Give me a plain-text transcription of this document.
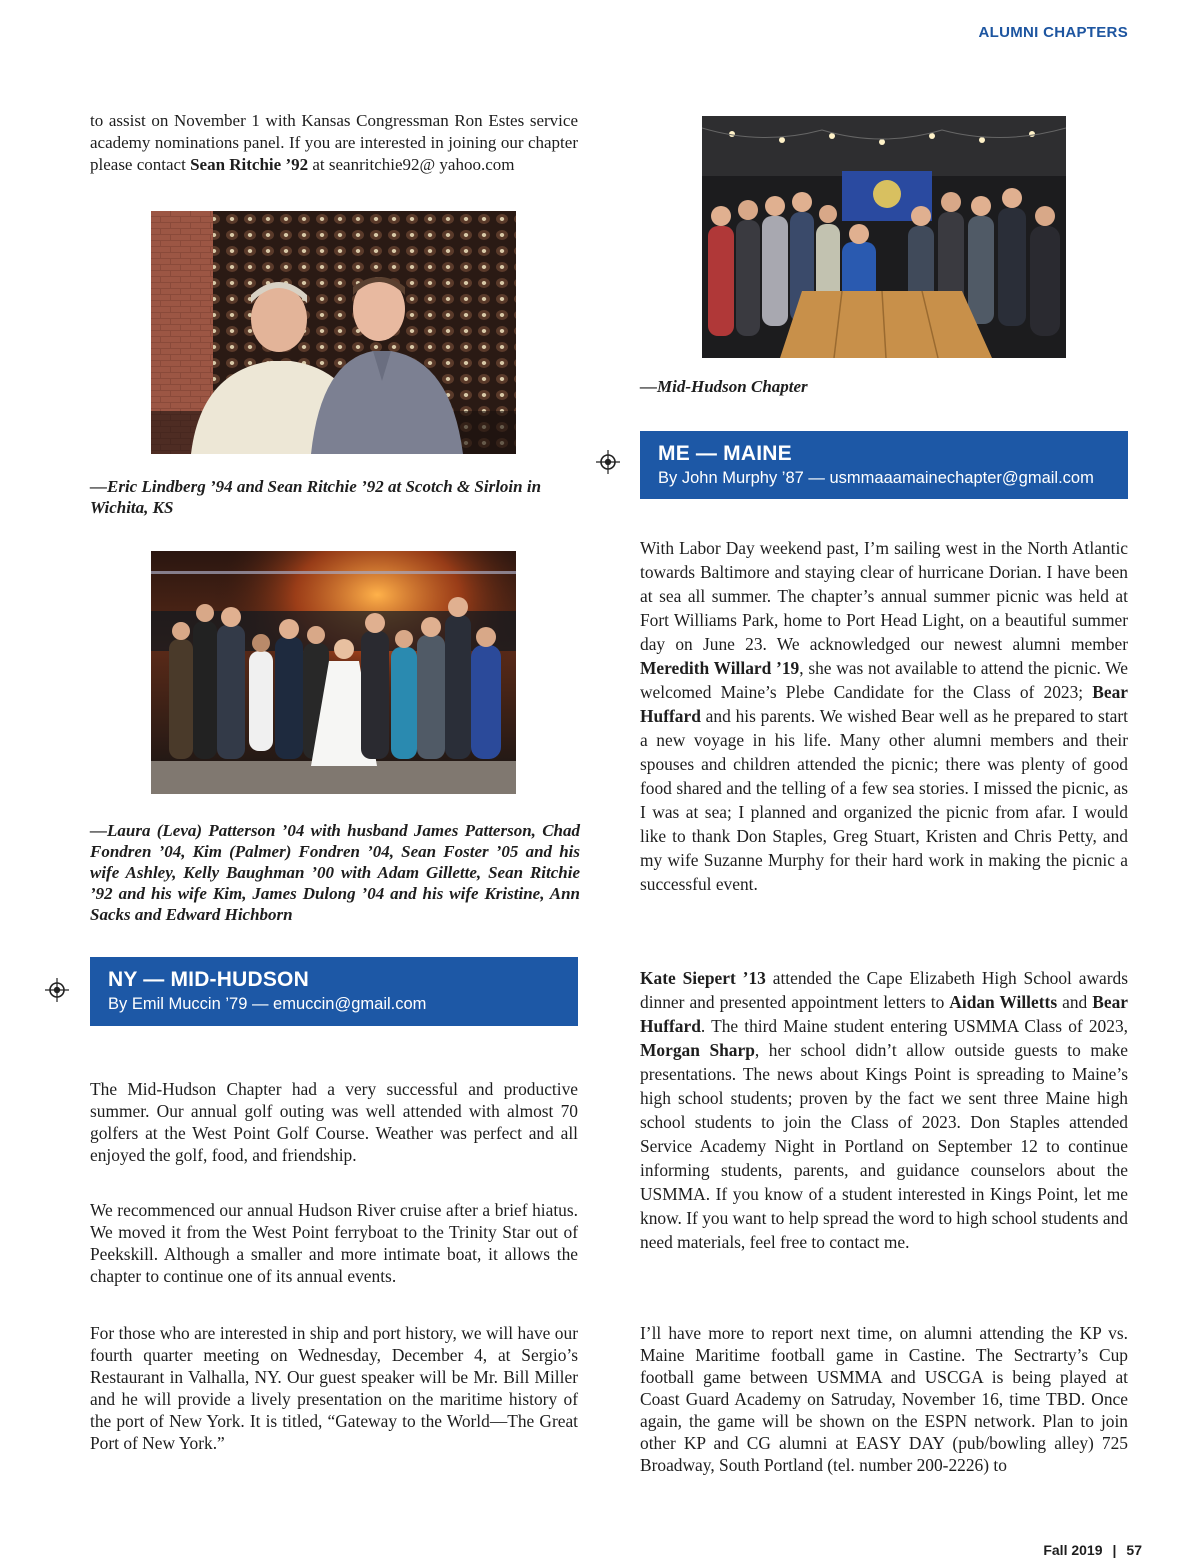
ALUMNI CHAPTERS

to assist on November 1 with Kansas Congressman Ron Estes service academy nominations panel. If you are interested in joining our chapter please contact Sean Ritchie ’92 at seanritchie92@ yahoo.com

—Eric Lindberg ’94 and Sean Ritchie ’92 at Scotch & Sirloin in Wichita, KS

—Laura (Leva) Patterson ’04 with husband James Patterson, Chad Fondren ’04, Kim (Palmer) Fondren ’04, Sean Foster ’05 and his wife Ashley, Kelly Baughman ’00 with Adam Gillette, Sean Ritchie ’92 and his wife Kim, James Dulong ’04 and his wife Kristine, Ann Sacks and Edward Hichborn

NY — MID-HUDSON
By Emil Muccin ’79 — emuccin@gmail.com

The Mid-Hudson Chapter had a very successful and productive summer. Our annual golf outing was well attended with almost 70 golfers at the West Point Golf Course. Weather was perfect and all enjoyed the golf, food, and friendship.

We recommenced our annual Hudson River cruise after a brief hiatus. We moved it from the West Point ferryboat to the Trinity Star out of Peekskill. Although a smaller and more intimate boat, it allows the chapter to continue one of its annual events.

For those who are interested in ship and port history, we will have our fourth quarter meeting on Wednesday, December 4, at Sergio’s Restaurant in Valhalla, NY. Our guest speaker will be Mr. Bill Miller and he will provide a lively presentation on the maritime history of the port of New York. It is titled, “Gateway to the World—The Great Port of New York.”

—Mid-Hudson Chapter

ME — MAINE
By John Murphy ’87 — usmmaaamainechapter@gmail.com

With Labor Day weekend past, I’m sailing west in the North Atlantic towards Baltimore and staying clear of hurricane Dorian. I have been at sea all summer. The chapter’s annual summer picnic was held at Fort Williams Park, home to Port Head Light, on a beautiful summer day on June 23. We acknowledged our newest alumni member Meredith Willard ’19, she was not available to attend the picnic. We welcomed Maine’s Plebe Candidate for the Class of 2023; Bear Huffard and his parents. We wished Bear well as he prepared to start a new voyage in his life. Many other alumni members and their spouses and children attended the picnic; there was plenty of good food shared and the telling of a few sea stories. I missed the picnic, as I was at sea; I planned and organized the picnic from afar. I would like to thank Don Staples, Greg Stuart, Kristen and Chris Petty, and my wife Suzanne Murphy for their hard work in making the picnic a successful event.

Kate Siepert ’13 attended the Cape Elizabeth High School awards dinner and presented appointment letters to Aidan Willetts and Bear Huffard. The third Maine student entering USMMA Class of 2023, Morgan Sharp, her school didn’t allow outside guests to make presentations. The news about Kings Point is spreading to Maine’s high school students; proven by the fact we sent three Maine high school students to join the Class of 2023. Don Staples attended Service Academy Night in Portland on September 12 to continue informing students, parents, and guidance counselors about the USMMA. If you know of a student interested in Kings Point, let me know. If you want to help spread the word to high school students and need materials, feel free to contact me.

I’ll have more to report next time, on alumni attending the KP vs. Maine Maritime football game in Castine. The Sectrarty’s Cup football game between USMMA and USCGA is being played at Coast Guard Academy on Satruday, November 16, time TBD. Once again, the game will be shown on the ESPN network. Plan to join other KP and CG alumni at EASY DAY (pub/bowling alley) 725 Broadway, South Portland (tel. number 200-2226) to

Fall 2019 | 57
